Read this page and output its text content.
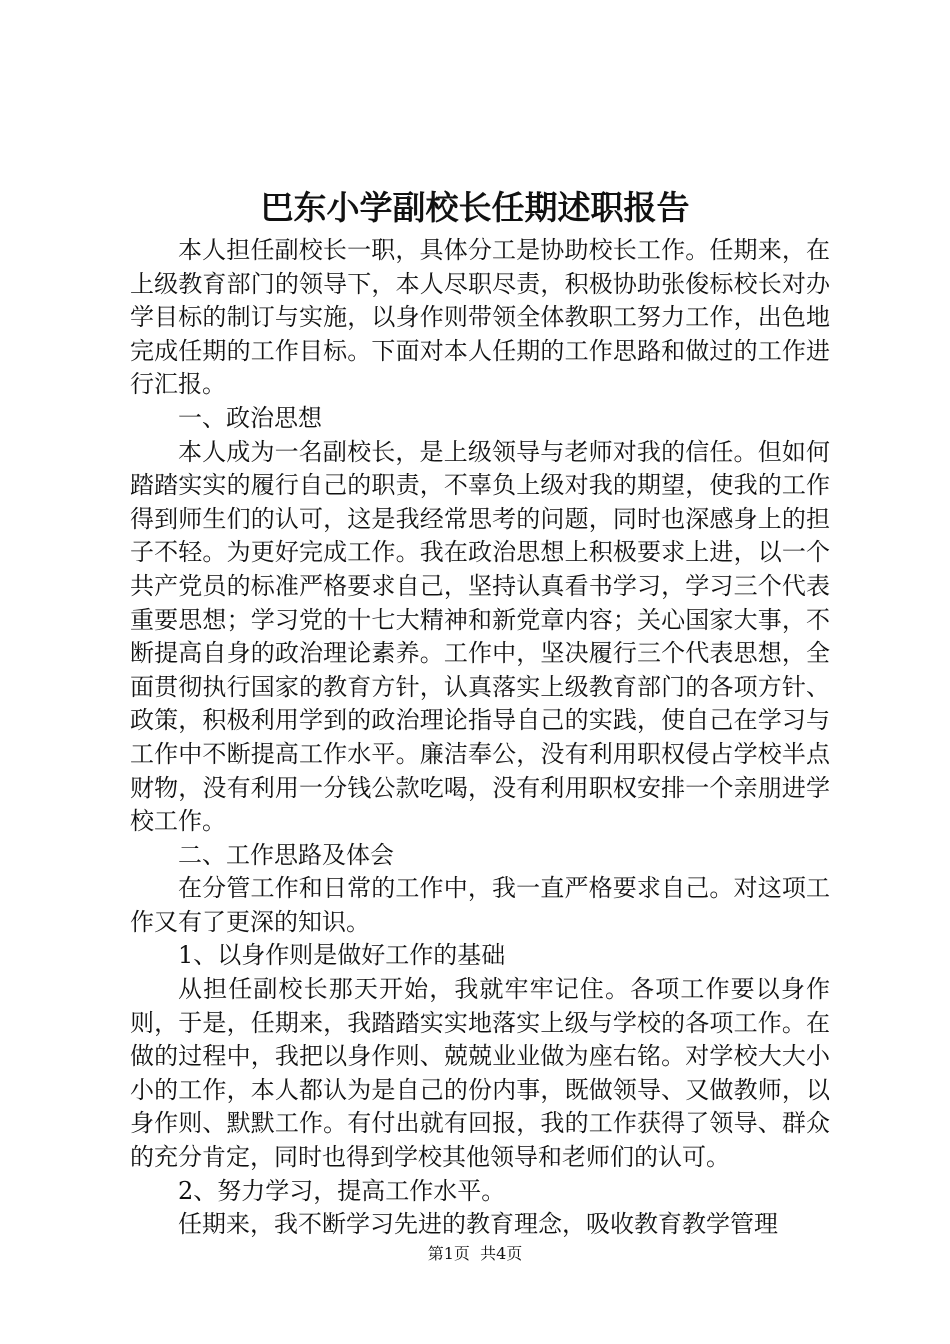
巴东小学副校长任期述职报告

本人担任副校长一职，具体分工是协助校长工作。任期来，在上级教育部门的领导下，本人尽职尽责，积极协助张俊标校长对办学目标的制订与实施，以身作则带领全体教职工努力工作，出色地完成任期的工作目标。下面对本人任期的工作思路和做过的工作进行汇报。

一、政治思想

本人成为一名副校长，是上级领导与老师对我的信任。但如何踏踏实实的履行自己的职责，不辜负上级对我的期望，使我的工作得到师生们的认可，这是我经常思考的问题，同时也深感身上的担子不轻。为更好完成工作。我在政治思想上积极要求上进，以一个共产党员的标准严格要求自己，坚持认真看书学习，学习三个代表重要思想；学习党的十七大精神和新党章内容；关心国家大事，不断提高自身的政治理论素养。工作中，坚决履行三个代表思想，全面贯彻执行国家的教育方针，认真落实上级教育部门的各项方针、政策，积极利用学到的政治理论指导自己的实践，使自己在学习与工作中不断提高工作水平。廉洁奉公，没有利用职权侵占学校半点财物，没有利用一分钱公款吃喝，没有利用职权安排一个亲朋进学校工作。

二、工作思路及体会

在分管工作和日常的工作中，我一直严格要求自己。对这项工作又有了更深的知识。

1、以身作则是做好工作的基础

从担任副校长那天开始，我就牢牢记住。各项工作要以身作则，于是，任期来，我踏踏实实地落实上级与学校的各项工作。在做的过程中，我把以身作则、兢兢业业做为座右铭。对学校大大小小的工作，本人都认为是自己的份内事，既做领导、又做教师，以身作则、默默工作。有付出就有回报，我的工作获得了领导、群众的充分肯定，同时也得到学校其他领导和老师们的认可。

2、努力学习，提高工作水平。

任期来，我不断学习先进的教育理念，吸收教育教学管理

第1页 共4页
